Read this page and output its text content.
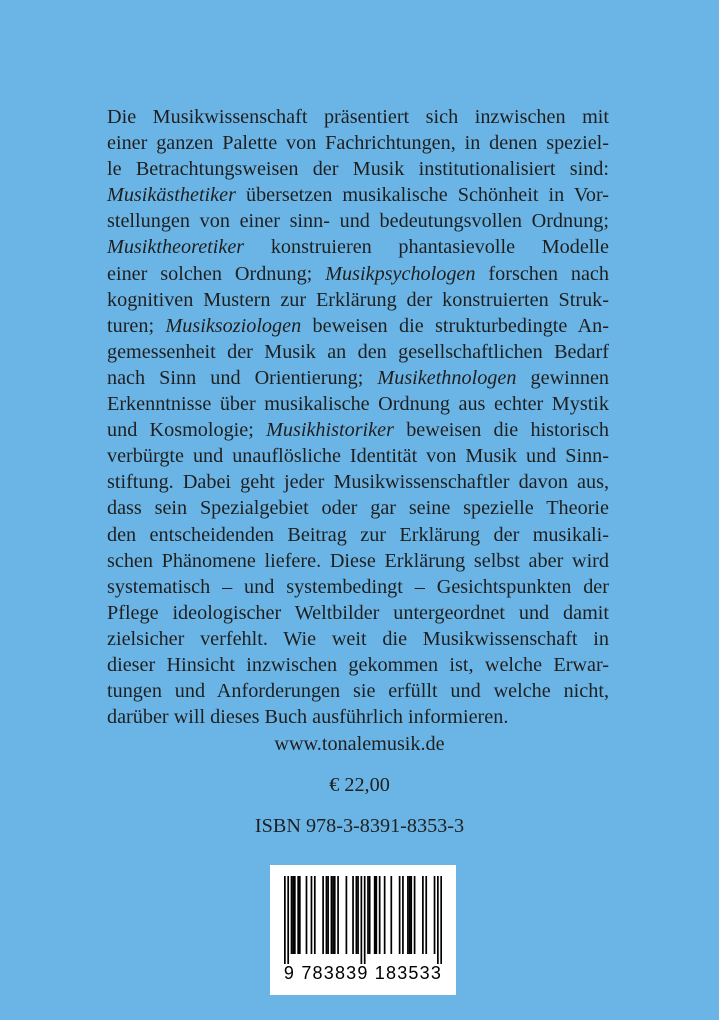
Die Musikwissenschaft präsentiert sich inzwischen mit
einer ganzen Palette von Fachrichtungen, in denen speziel-
le Betrachtungsweisen der Musik institutionalisiert sind:
Musikästhetiker übersetzen musikalische Schönheit in Vor-
stellungen von einer sinn- und bedeutungsvollen Ordnung;
Musiktheoretiker konstruieren phantasievolle Modelle
einer solchen Ordnung; Musikpsychologen forschen nach
kognitiven Mustern zur Erklärung der konstruierten Struk-
turen; Musiksoziologen beweisen die strukturbedingte An-
gemessenheit der Musik an den gesellschaftlichen Bedarf
nach Sinn und Orientierung; Musikethnologen gewinnen
Erkenntnisse über musikalische Ordnung aus echter Mystik
und Kosmologie; Musikhistoriker beweisen die historisch
verbürgte und unauflösliche Identität von Musik und Sinn-
stiftung. Dabei geht jeder Musikwissenschaftler davon aus,
dass sein Spezialgebiet oder gar seine spezielle Theorie
den entscheidenden Beitrag zur Erklärung der musikali-
schen Phänomene liefere. Diese Erklärung selbst aber wird
systematisch – und systembedingt – Gesichtspunkten der
Pflege ideologischer Weltbilder untergeordnet und damit
zielsicher verfehlt. Wie weit die Musikwissenschaft in
dieser Hinsicht inzwischen gekommen ist, welche Erwar-
tungen und Anforderungen sie erfüllt und welche nicht,
darüber will dieses Buch ausführlich informieren.
www.tonalemusik.de
€ 22,00
ISBN 978-3-8391-8353-3
9 783839 183533
